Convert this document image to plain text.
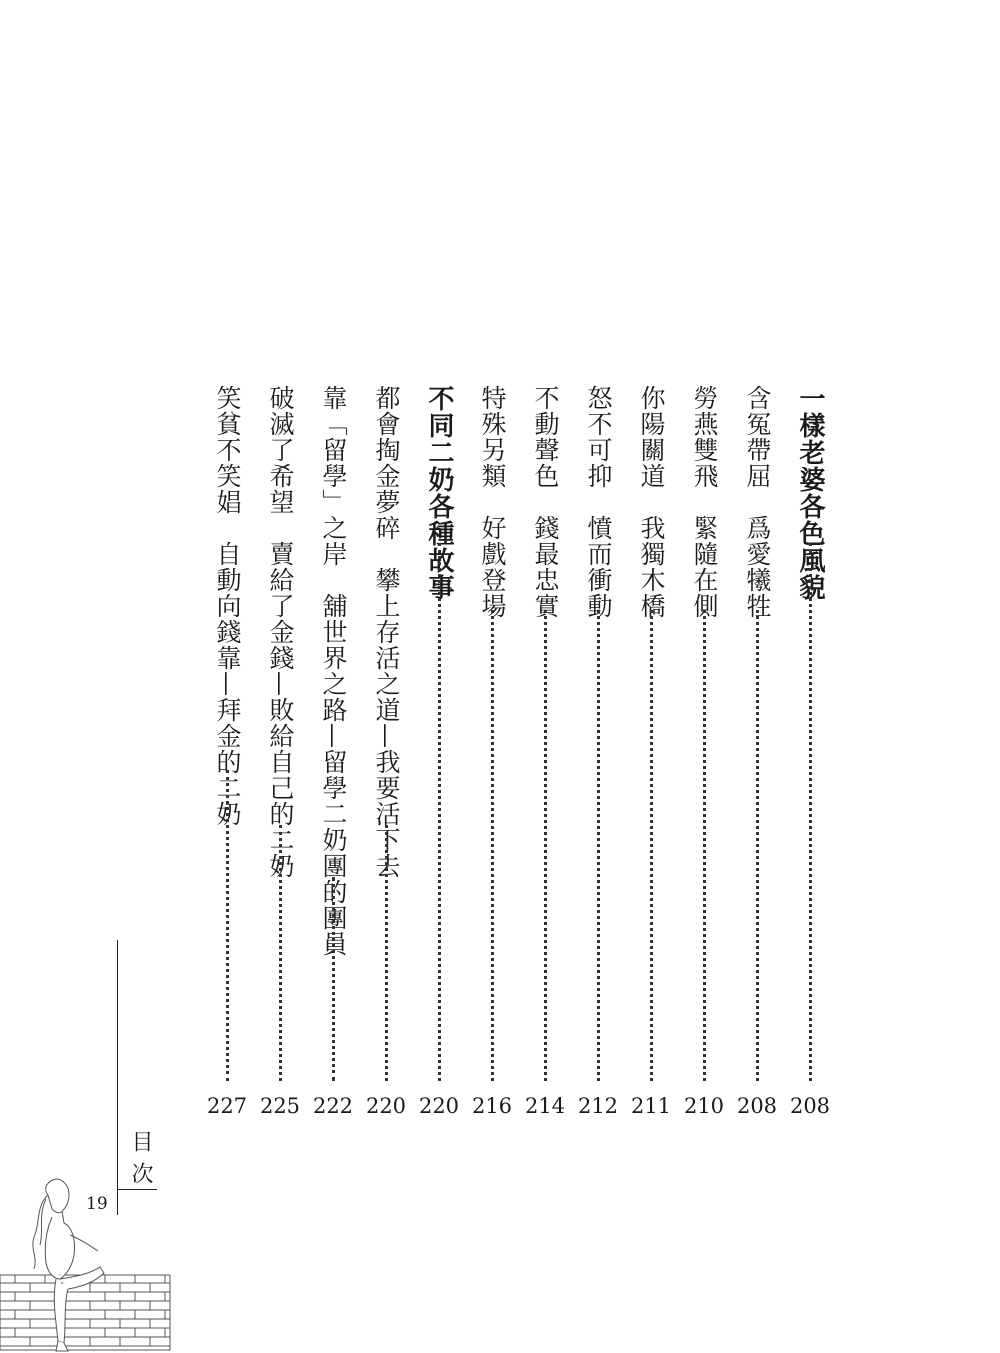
一樣老婆各色風貌
208
含冤帶屈　爲愛犧牲
208
勞燕雙飛　緊隨在側
210
你陽關道　我獨木橋
211
怒不可抑　憤而衝動
212
不動聲色　錢最忠實
214
特殊另類　好戲登場
216
不同二奶各種故事
220
都會掏金夢碎　攀上存活之道—我要活下去
220
靠「留學」之岸　舖世界之路—留學二奶團的團員
222
破滅了希望　賣給了金錢—敗給自己的二奶
225
笑貧不笑娼　自動向錢靠—拜金的二奶
227
目次
19
